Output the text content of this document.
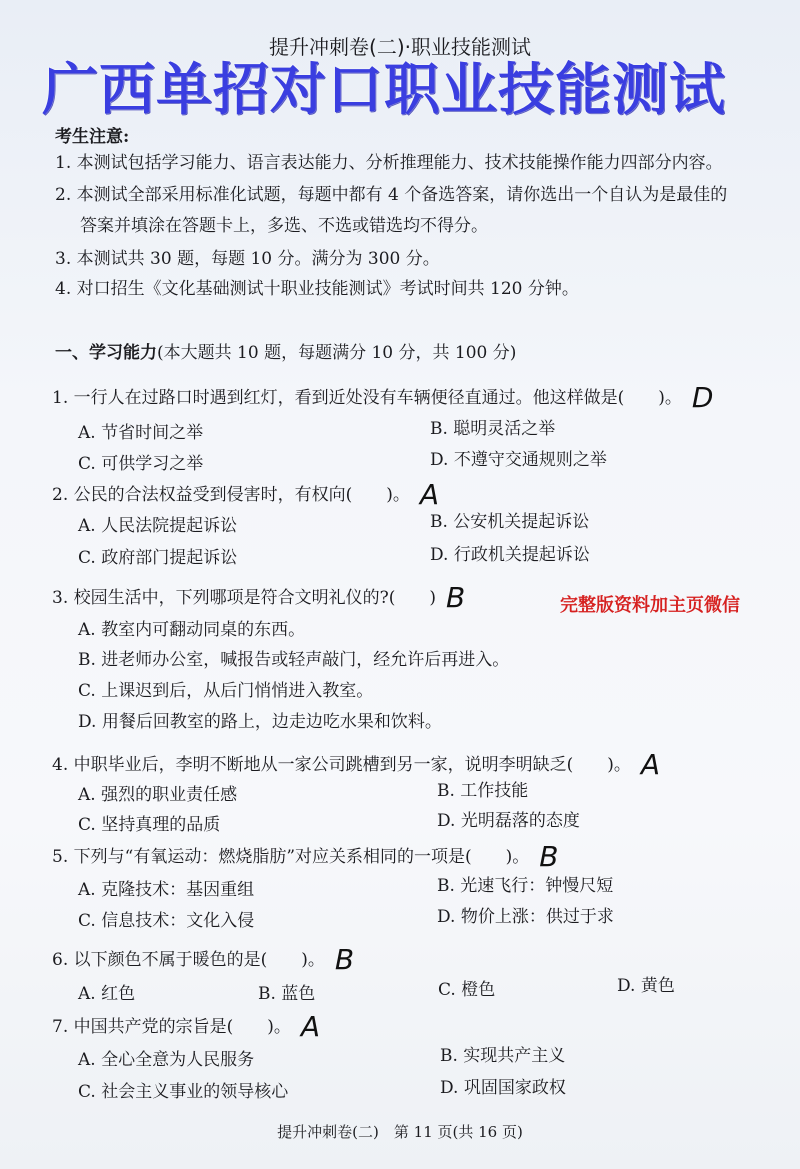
提升冲刺卷(二)·职业技能测试
广西单招对口职业技能测试
考生注意:
1. 本测试包括学习能力、语言表达能力、分析推理能力、技术技能操作能力四部分内容。
2. 本测试全部采用标准化试题，每题中都有 4 个备选答案，请你选出一个自认为是最佳的
答案并填涂在答题卡上，多选、不选或错选均不得分。
3. 本测试共 30 题，每题 10 分。满分为 300 分。
4. 对口招生《文化基础测试十职业技能测试》考试时间共 120 分钟。
一、学习能力(本大题共 10 题，每题满分 10 分，共 100 分)
1. 一行人在过路口时遇到红灯，看到近处没有车辆便径直通过。他这样做是(　　)。 D
A. 节省时间之举	B. 聪明灵活之举
C. 可供学习之举	D. 不遵守交通规则之举
2. 公民的合法权益受到侵害时，有权向(　　)。 A
A. 人民法院提起诉讼	B. 公安机关提起诉讼
C. 政府部门提起诉讼	D. 行政机关提起诉讼
3. 校园生活中，下列哪项是符合文明礼仪的?(　　) B	完整版资料加主页微信
A. 教室内可翻动同桌的东西。
B. 进老师办公室，喊报告或轻声敲门，经允许后再进入。
C. 上课迟到后，从后门悄悄进入教室。
D. 用餐后回教室的路上，边走边吃水果和饮料。
4. 中职毕业后，李明不断地从一家公司跳槽到另一家，说明李明缺乏(　　)。 A
A. 强烈的职业责任感	B. 工作技能
C. 坚持真理的品质	D. 光明磊落的态度
5. 下列与“有氧运动：燃烧脂肪”对应关系相同的一项是(　　)。 B
A. 克隆技术：基因重组	B. 光速飞行：钟慢尺短
C. 信息技术：文化入侵	D. 物价上涨：供过于求
6. 以下颜色不属于暖色的是(　　)。 B
A. 红色	B. 蓝色	C. 橙色	D. 黄色
7. 中国共产党的宗旨是(　　)。 A
A. 全心全意为人民服务	B. 实现共产主义
C. 社会主义事业的领导核心	D. 巩固国家政权
提升冲刺卷(二)　第 11 页(共 16 页)
